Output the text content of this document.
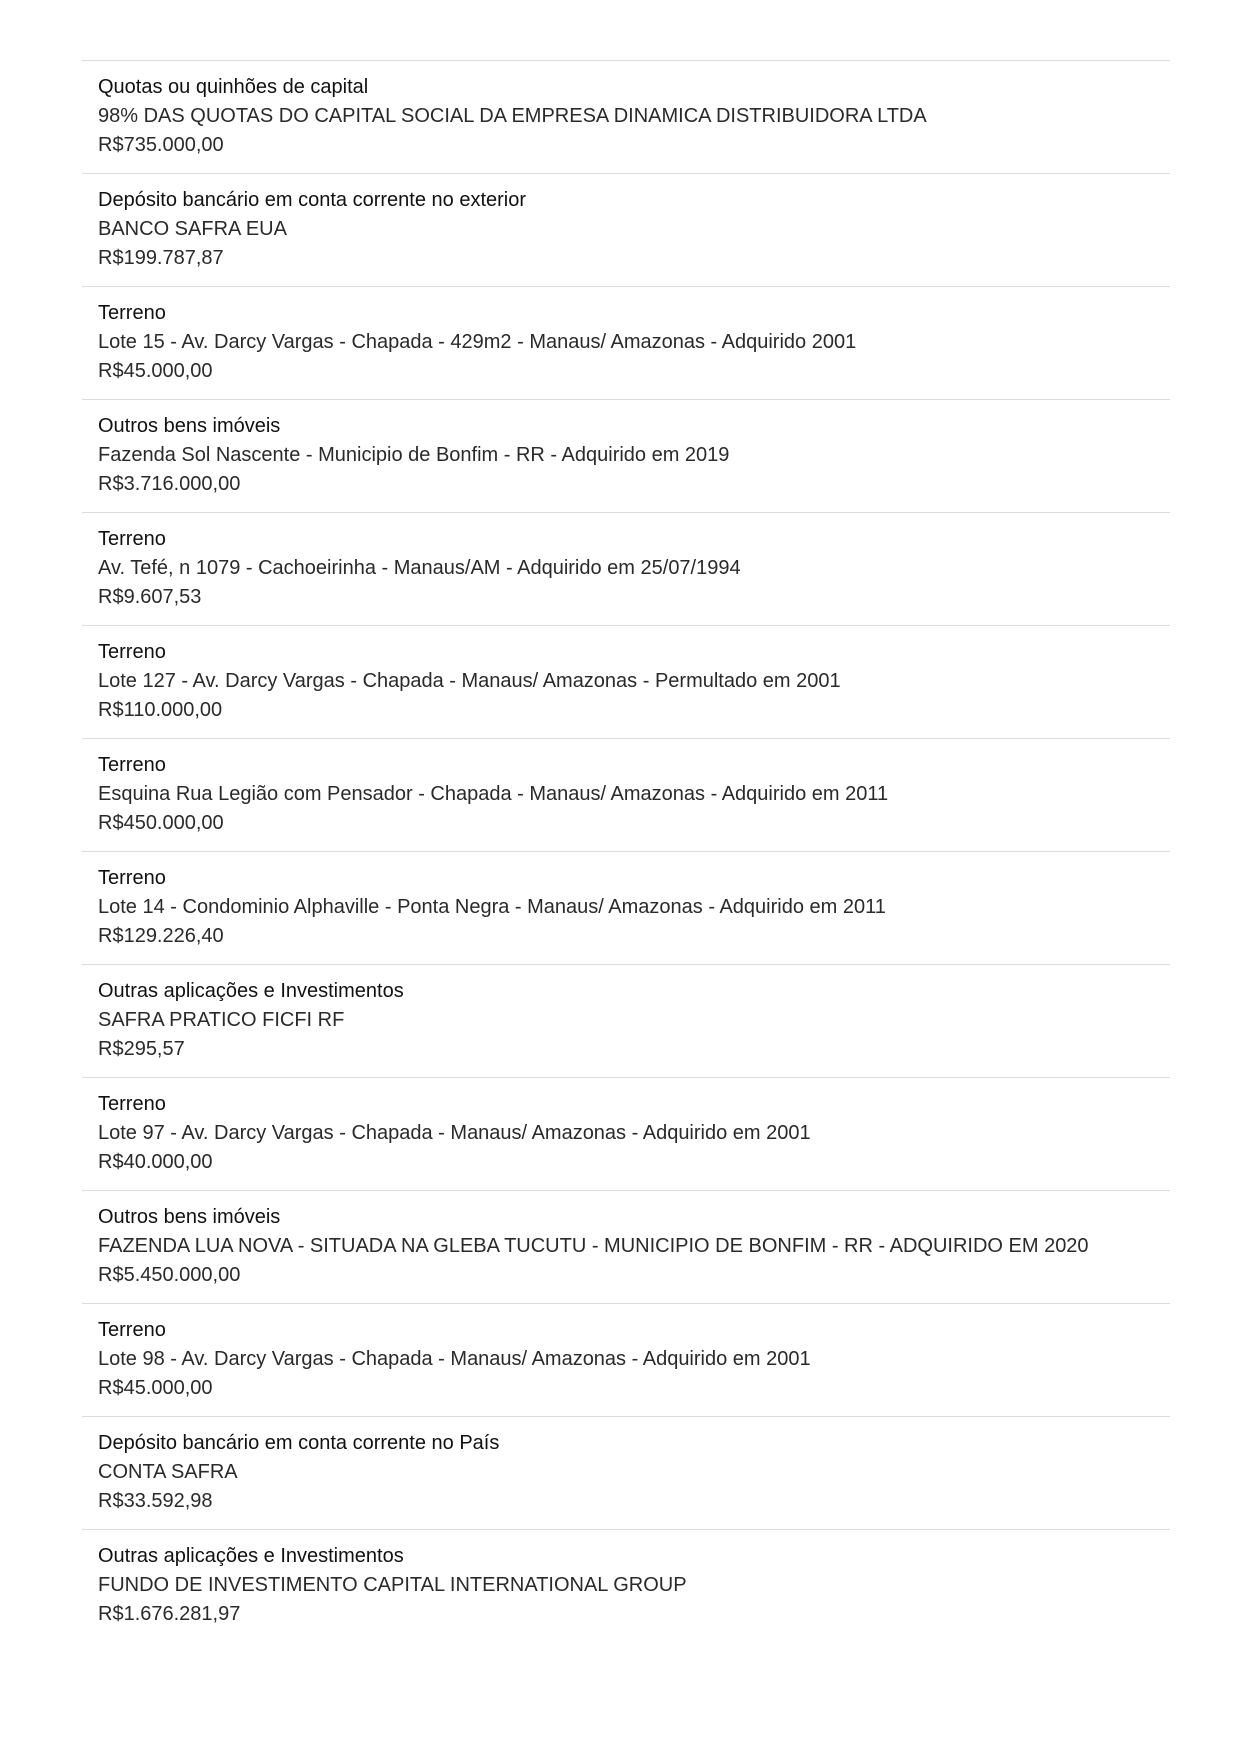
Quotas ou quinhões de capital
98% DAS QUOTAS DO CAPITAL SOCIAL DA EMPRESA DINAMICA DISTRIBUIDORA LTDA
R$735.000,00
Depósito bancário em conta corrente no exterior
BANCO SAFRA EUA
R$199.787,87
Terreno
Lote 15 - Av. Darcy Vargas - Chapada - 429m2 - Manaus/ Amazonas - Adquirido 2001
R$45.000,00
Outros bens imóveis
Fazenda Sol Nascente - Municipio de Bonfim - RR - Adquirido em 2019
R$3.716.000,00
Terreno
Av. Tefé, n 1079 - Cachoeirinha - Manaus/AM - Adquirido em 25/07/1994
R$9.607,53
Terreno
Lote 127 - Av. Darcy Vargas - Chapada - Manaus/ Amazonas - Permultado em 2001
R$110.000,00
Terreno
Esquina Rua Legião com Pensador - Chapada - Manaus/ Amazonas - Adquirido em 2011
R$450.000,00
Terreno
Lote 14 - Condominio Alphaville - Ponta Negra - Manaus/ Amazonas - Adquirido em 2011
R$129.226,40
Outras aplicações e Investimentos
SAFRA PRATICO FICFI RF
R$295,57
Terreno
Lote 97 - Av. Darcy Vargas - Chapada - Manaus/ Amazonas - Adquirido em 2001
R$40.000,00
Outros bens imóveis
FAZENDA LUA NOVA - SITUADA NA GLEBA TUCUTU - MUNICIPIO DE BONFIM - RR - ADQUIRIDO EM 2020
R$5.450.000,00
Terreno
Lote 98 - Av. Darcy Vargas - Chapada - Manaus/ Amazonas - Adquirido em 2001
R$45.000,00
Depósito bancário em conta corrente no País
CONTA SAFRA
R$33.592,98
Outras aplicações e Investimentos
FUNDO DE INVESTIMENTO CAPITAL INTERNATIONAL GROUP
R$1.676.281,97
